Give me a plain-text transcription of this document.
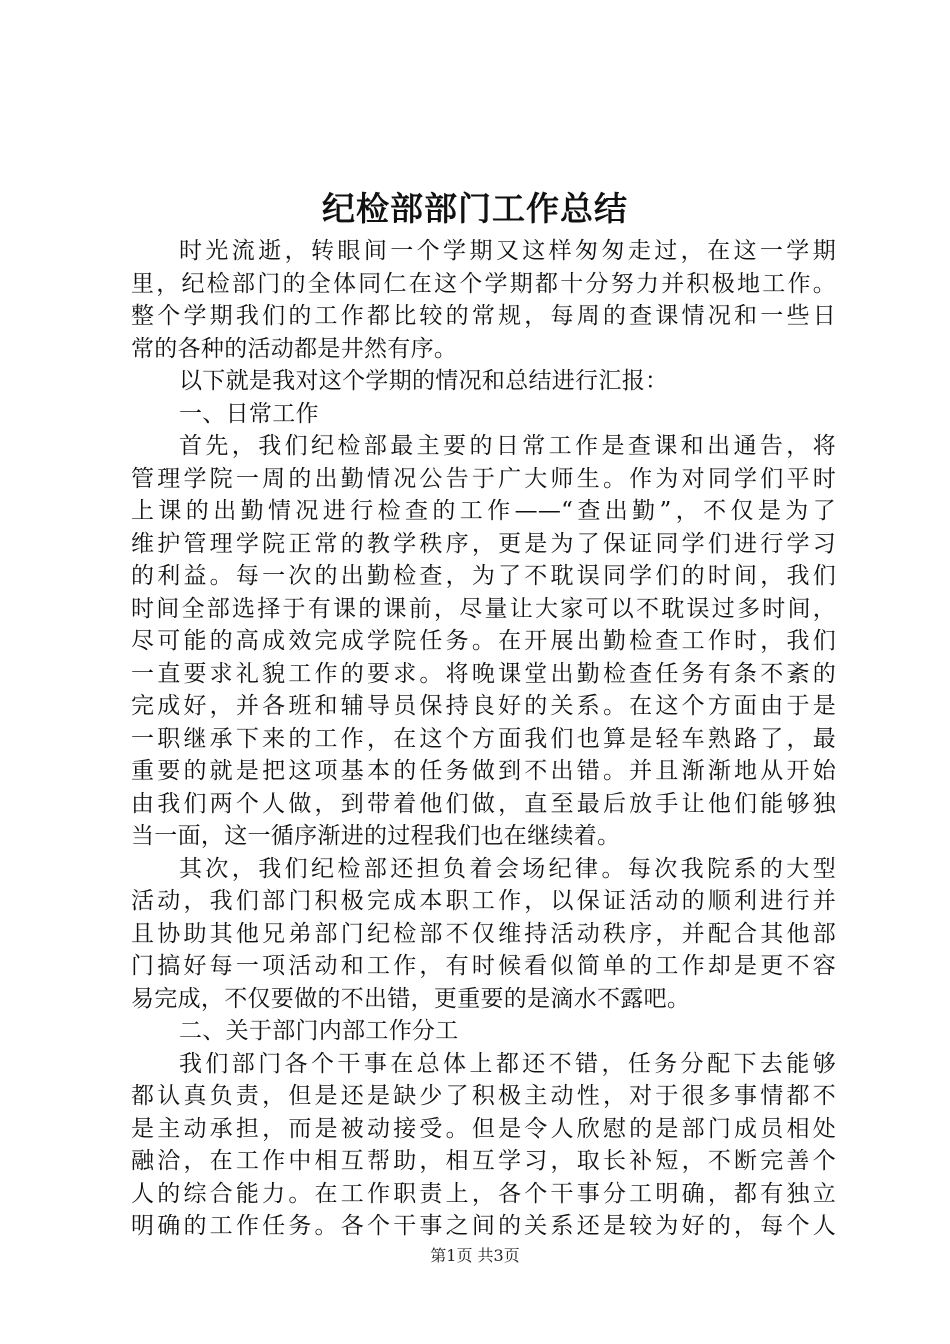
纪检部部门工作总结
时光流逝，转眼间一个学期又这样匆匆走过，在这一学期
里，纪检部门的全体同仁在这个学期都十分努力并积极地工作。
整个学期我们的工作都比较的常规，每周的查课情况和一些日
常的各种的活动都是井然有序。
以下就是我对这个学期的情况和总结进行汇报：
一、日常工作
首先，我们纪检部最主要的日常工作是查课和出通告，将
管理学院一周的出勤情况公告于广大师生。作为对同学们平时
上课的出勤情况进行检查的工作——“查出勤”，不仅是为了
维护管理学院正常的教学秩序，更是为了保证同学们进行学习
的利益。每一次的出勤检查，为了不耽误同学们的时间，我们
时间全部选择于有课的课前，尽量让大家可以不耽误过多时间，
尽可能的高成效完成学院任务。在开展出勤检查工作时，我们
一直要求礼貌工作的要求。将晚课堂出勤检查任务有条不紊的
完成好，并各班和辅导员保持良好的关系。在这个方面由于是
一职继承下来的工作，在这个方面我们也算是轻车熟路了，最
重要的就是把这项基本的任务做到不出错。并且渐渐地从开始
由我们两个人做，到带着他们做，直至最后放手让他们能够独
当一面，这一循序渐进的过程我们也在继续着。
其次，我们纪检部还担负着会场纪律。每次我院系的大型
活动，我们部门积极完成本职工作，以保证活动的顺利进行并
且协助其他兄弟部门纪检部不仅维持活动秩序，并配合其他部
门搞好每一项活动和工作，有时候看似简单的工作却是更不容
易完成，不仅要做的不出错，更重要的是滴水不露吧。
二、关于部门内部工作分工
我们部门各个干事在总体上都还不错，任务分配下去能够
都认真负责，但是还是缺少了积极主动性，对于很多事情都不
是主动承担，而是被动接受。但是令人欣慰的是部门成员相处
融洽，在工作中相互帮助，相互学习，取长补短，不断完善个
人的综合能力。在工作职责上，各个干事分工明确，都有独立
明确的工作任务。各个干事之间的关系还是较为好的，每个人
第1页 共3页
